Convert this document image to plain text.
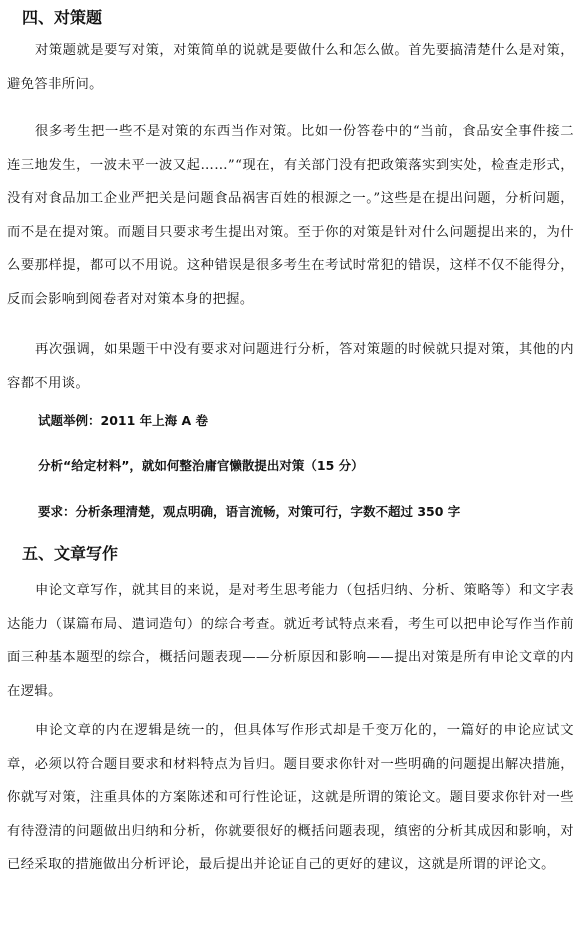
四、对策题

对策题就是要写对策，对策简单的说就是要做什么和怎么做。首先要搞清楚什么是对策，避免答非所问。

很多考生把一些不是对策的东西当作对策。比如一份答卷中的“当前，食品安全事件接二连三地发生，一波未平一波又起……”“现在，有关部门没有把政策落实到实处，检查走形式，没有对食品加工企业严把关是问题食品祸害百姓的根源之一。”这些是在提出问题，分析问题，而不是在提对策。而题目只要求考生提出对策。至于你的对策是针对什么问题提出来的，为什么要那样提，都可以不用说。这种错误是很多考生在考试时常犯的错误，这样不仅不能得分，反而会影响到阅卷者对对策本身的把握。

再次强调，如果题干中没有要求对问题进行分析，答对策题的时候就只提对策，其他的内容都不用谈。

试题举例：2011 年上海 A 卷
分析“给定材料”，就如何整治庸官懒散提出对策（15 分）
要求：分析条理清楚，观点明确，语言流畅，对策可行，字数不超过 350 字
五、文章写作

申论文章写作，就其目的来说，是对考生思考能力（包括归纳、分析、策略等）和文字表达能力（谋篇布局、遣词造句）的综合考查。就近考试特点来看，考生可以把申论写作当作前面三种基本题型的综合，概括问题表现——分析原因和影响——提出对策是所有申论文章的内在逻辑。

申论文章的内在逻辑是统一的，但具体写作形式却是千变万化的，一篇好的申论应试文章，必须以符合题目要求和材料特点为旨归。题目要求你针对一些明确的问题提出解决措施，你就写对策，注重具体的方案陈述和可行性论证，这就是所谓的策论文。题目要求你针对一些有待澄清的问题做出归纳和分析，你就要很好的概括问题表现，缜密的分析其成因和影响，对已经采取的措施做出分析评论，最后提出并论证自己的更好的建议，这就是所谓的评论文。
